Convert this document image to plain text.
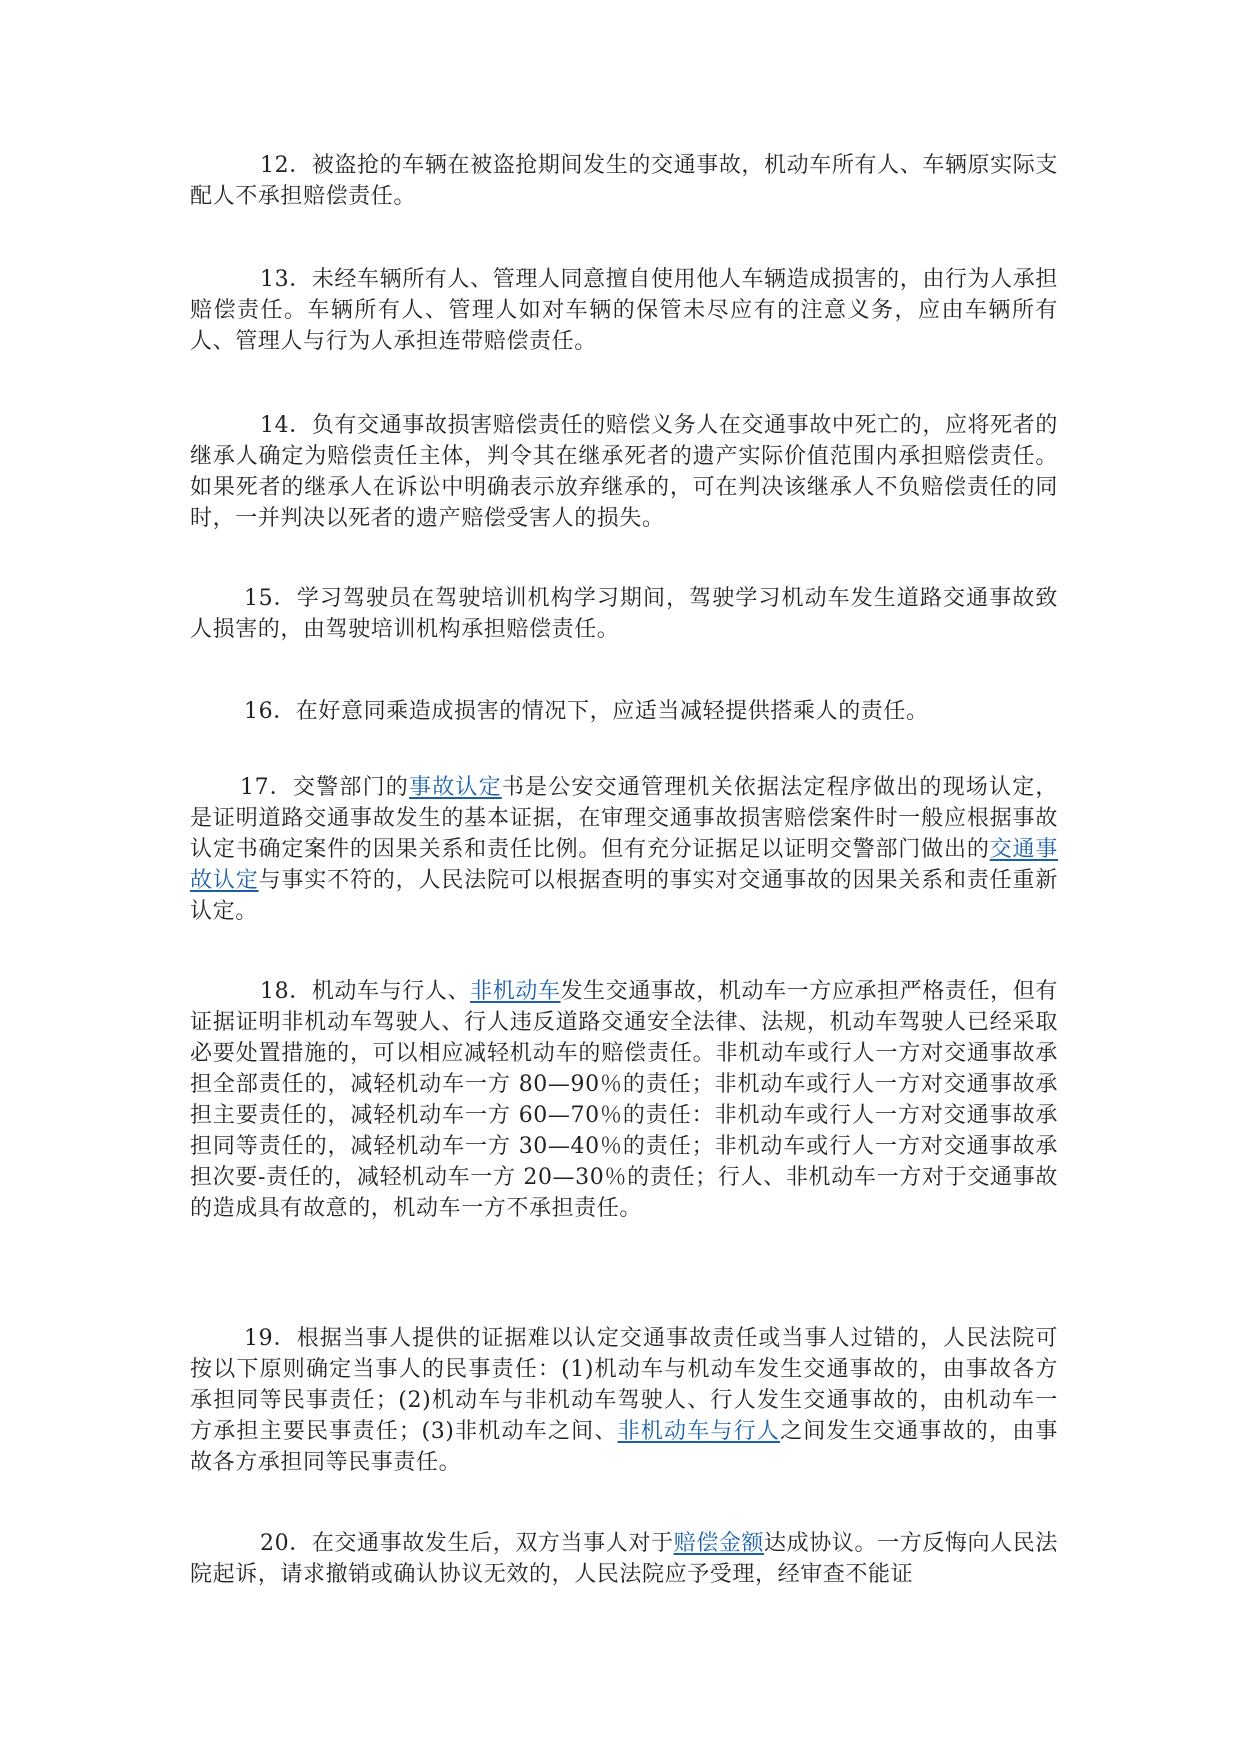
12．被盗抢的车辆在被盗抢期间发生的交通事故，机动车所有人、车辆原实际支配人不承担赔偿责任。

13．未经车辆所有人、管理人同意擅自使用他人车辆造成损害的，由行为人承担赔偿责任。车辆所有人、管理人如对车辆的保管未尽应有的注意义务，应由车辆所有人、管理人与行为人承担连带赔偿责任。

14．负有交通事故损害赔偿责任的赔偿义务人在交通事故中死亡的，应将死者的继承人确定为赔偿责任主体，判令其在继承死者的遗产实际价值范围内承担赔偿责任。如果死者的继承人在诉讼中明确表示放弃继承的，可在判决该继承人不负赔偿责任的同时，一并判决以死者的遗产赔偿受害人的损失。

15．学习驾驶员在驾驶培训机构学习期间，驾驶学习机动车发生道路交通事故致人损害的，由驾驶培训机构承担赔偿责任。

16．在好意同乘造成损害的情况下，应适当减轻提供搭乘人的责任。

17．交警部门的事故认定书是公安交通管理机关依据法定程序做出的现场认定，是证明道路交通事故发生的基本证据，在审理交通事故损害赔偿案件时一般应根据事故认定书确定案件的因果关系和责任比例。但有充分证据足以证明交警部门做出的交通事故认定与事实不符的，人民法院可以根据查明的事实对交通事故的因果关系和责任重新认定。

18．机动车与行人、非机动车发生交通事故，机动车一方应承担严格责任，但有证据证明非机动车驾驶人、行人违反道路交通安全法律、法规，机动车驾驶人已经采取必要处置措施的，可以相应减轻机动车的赔偿责任。非机动车或行人一方对交通事故承担全部责任的，减轻机动车一方 80—90％的责任；非机动车或行人一方对交通事故承担主要责任的，减轻机动车一方 60—70％的责任：非机动车或行人一方对交通事故承担同等责任的，减轻机动车一方 30—40％的责任；非机动车或行人一方对交通事故承担次要-责任的，减轻机动车一方 20—30％的责任；行人、非机动车一方对于交通事故的造成具有故意的，机动车一方不承担责任。

19．根据当事人提供的证据难以认定交通事故责任或当事人过错的，人民法院可按以下原则确定当事人的民事责任：(1)机动车与机动车发生交通事故的，由事故各方承担同等民事责任；(2)机动车与非机动车驾驶人、行人发生交通事故的，由机动车一方承担主要民事责任；(3)非机动车之间、非机动车与行人之间发生交通事故的，由事故各方承担同等民事责任。

20．在交通事故发生后，双方当事人对于赔偿金额达成协议。一方反悔向人民法院起诉，请求撤销或确认协议无效的，人民法院应予受理，经审查不能证
